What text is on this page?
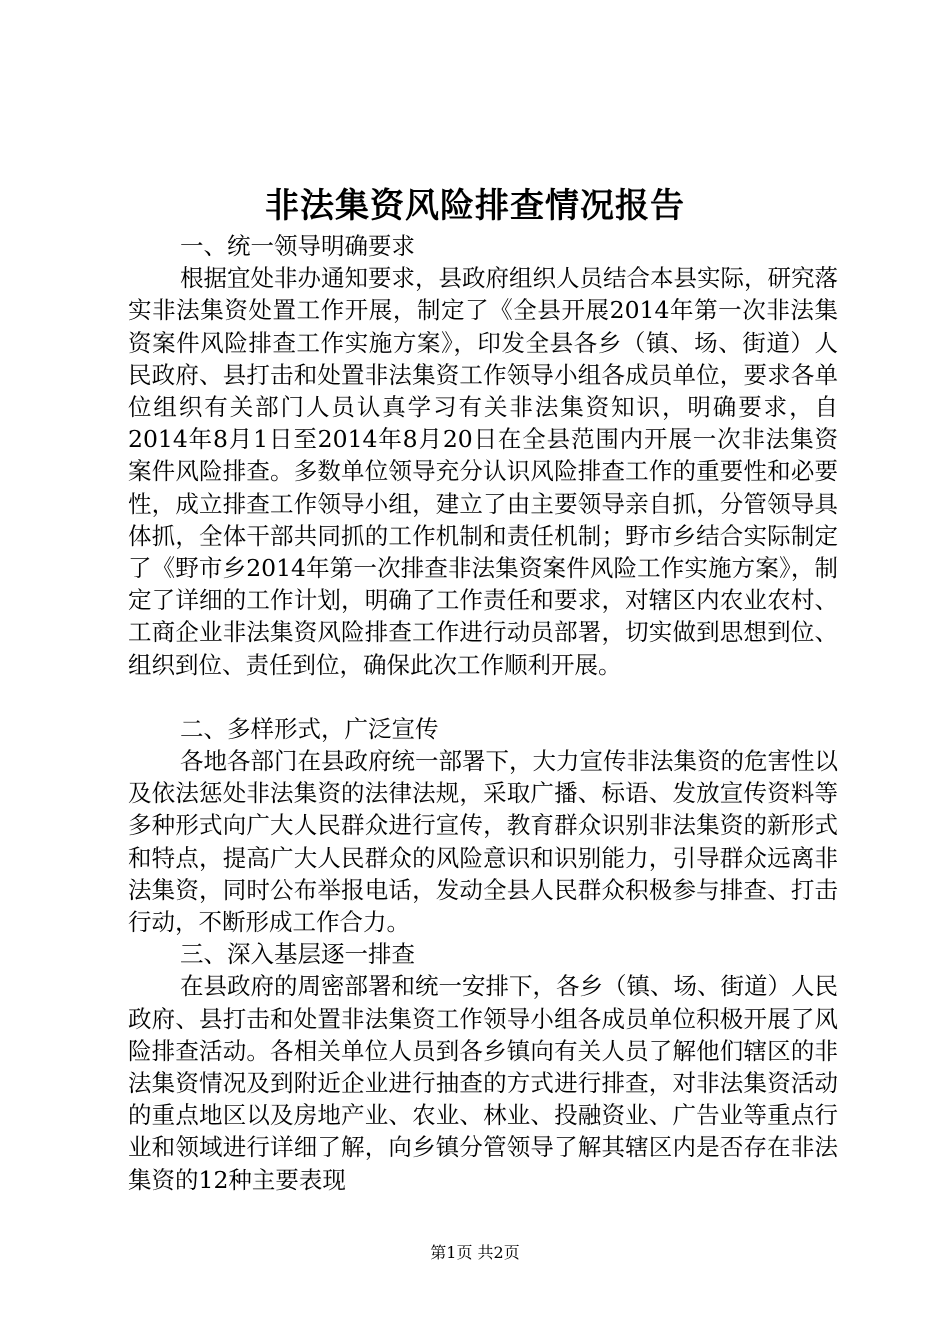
非法集资风险排查情况报告

一、统一领导明确要求

根据宜处非办通知要求，县政府组织人员结合本县实际，研究落实非法集资处置工作开展，制定了《全县开展2014年第一次非法集资案件风险排查工作实施方案》，印发全县各乡（镇、场、街道）人民政府、县打击和处置非法集资工作领导小组各成员单位，要求各单位组织有关部门人员认真学习有关非法集资知识，明确要求，自2014年8月1日至2014年8月20日在全县范围内开展一次非法集资案件风险排查。多数单位领导充分认识风险排查工作的重要性和必要性，成立排查工作领导小组，建立了由主要领导亲自抓，分管领导具体抓，全体干部共同抓的工作机制和责任机制；野市乡结合实际制定了《野市乡2014年第一次排查非法集资案件风险工作实施方案》，制定了详细的工作计划，明确了工作责任和要求，对辖区内农业农村、工商企业非法集资风险排查工作进行动员部署，切实做到思想到位、组织到位、责任到位，确保此次工作顺利开展。

二、多样形式，广泛宣传

各地各部门在县政府统一部署下，大力宣传非法集资的危害性以及依法惩处非法集资的法律法规，采取广播、标语、发放宣传资料等多种形式向广大人民群众进行宣传，教育群众识别非法集资的新形式和特点，提高广大人民群众的风险意识和识别能力，引导群众远离非法集资，同时公布举报电话，发动全县人民群众积极参与排查、打击行动，不断形成工作合力。

三、深入基层逐一排查

在县政府的周密部署和统一安排下，各乡（镇、场、街道）人民政府、县打击和处置非法集资工作领导小组各成员单位积极开展了风险排查活动。各相关单位人员到各乡镇向有关人员了解他们辖区的非法集资情况及到附近企业进行抽查的方式进行排查，对非法集资活动的重点地区以及房地产业、农业、林业、投融资业、广告业等重点行业和领域进行详细了解，向乡镇分管领导了解其辖区内是否存在非法集资的12种主要表现

第1页 共2页
